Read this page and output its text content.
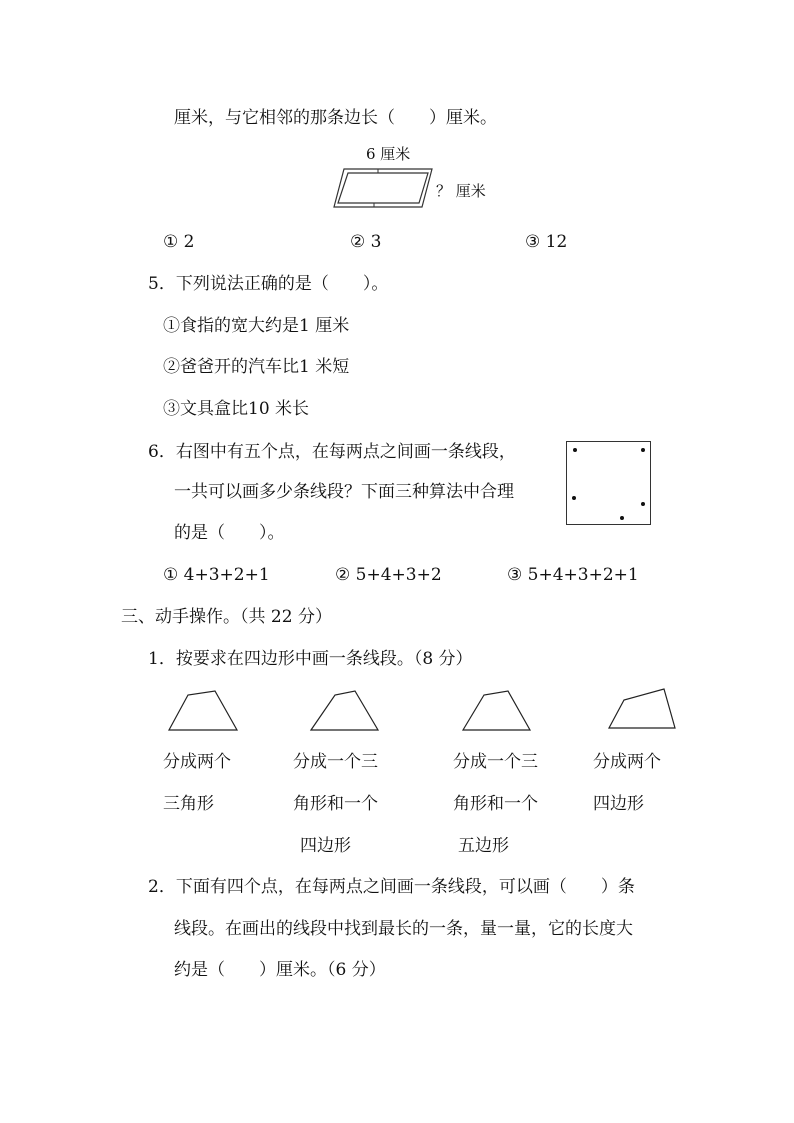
厘米，与它相邻的那条边长（　　）厘米。
6 厘米
？ 厘米
① 2	② 3	③ 12
5．下列说法正确的是（　　）。
①食指的宽大约是1 厘米
②爸爸开的汽车比1 米短
③文具盒比10 米长
6．右图中有五个点，在每两点之间画一条线段，
一共可以画多少条线段？下面三种算法中合理
的是（　　）。
① 4+3+2+1	② 5+4+3+2	③ 5+4+3+2+1
三、动手操作。（共 22 分）
1．按要求在四边形中画一条线段。（8 分）
分成两个
三角形
分成一个三
角形和一个
四边形
分成一个三
角形和一个
五边形
分成两个
四边形
2．下面有四个点，在每两点之间画一条线段，可以画（　　）条
线段。在画出的线段中找到最长的一条，量一量，它的长度大
约是（　　）厘米。（6 分）
